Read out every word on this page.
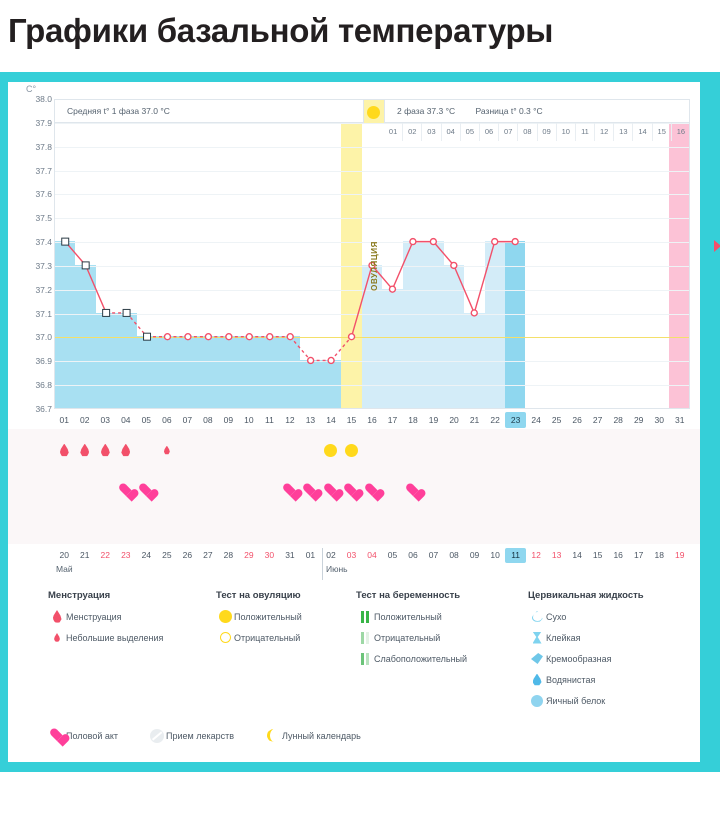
Графики базальной температуры
C°
38.0
37.9
37.8
37.7
37.6
37.5
37.4
37.3
37.2
37.1
37.0
36.9
36.8
36.7
Средняя t° 1 фаза 37.0 °C	2 фаза 37.3 °C Разница t° 0.3 °C
ОВУЛЯЦИЯ
01	02	03	04	05	06	07	08	09	10	11	12	13	14	15	16
01	02	03	04	05	06	07	08	09	10	11	12	13	14	15	16	17	18	19	20	21	22	23	24	25	26	27	28	29	30	31
20	21	22	23	24	25	26	27	28	29	30	31	01	02	03	04	05	06	07	08	09	10	11	12	13	14	15	16	17	18	19
Май	Июнь
Менструация
Менструация
Небольшие выделения
Тест на овуляцию
Положительный
Отрицательный
Тест на беременность
Положительный
Отрицательный
Слабоположительный
Цервикальная жидкость
Сухо
Клейкая
Кремообразная
Водянистая
Яичный белок
Половой акт	Прием лекарств	Лунный календарь
